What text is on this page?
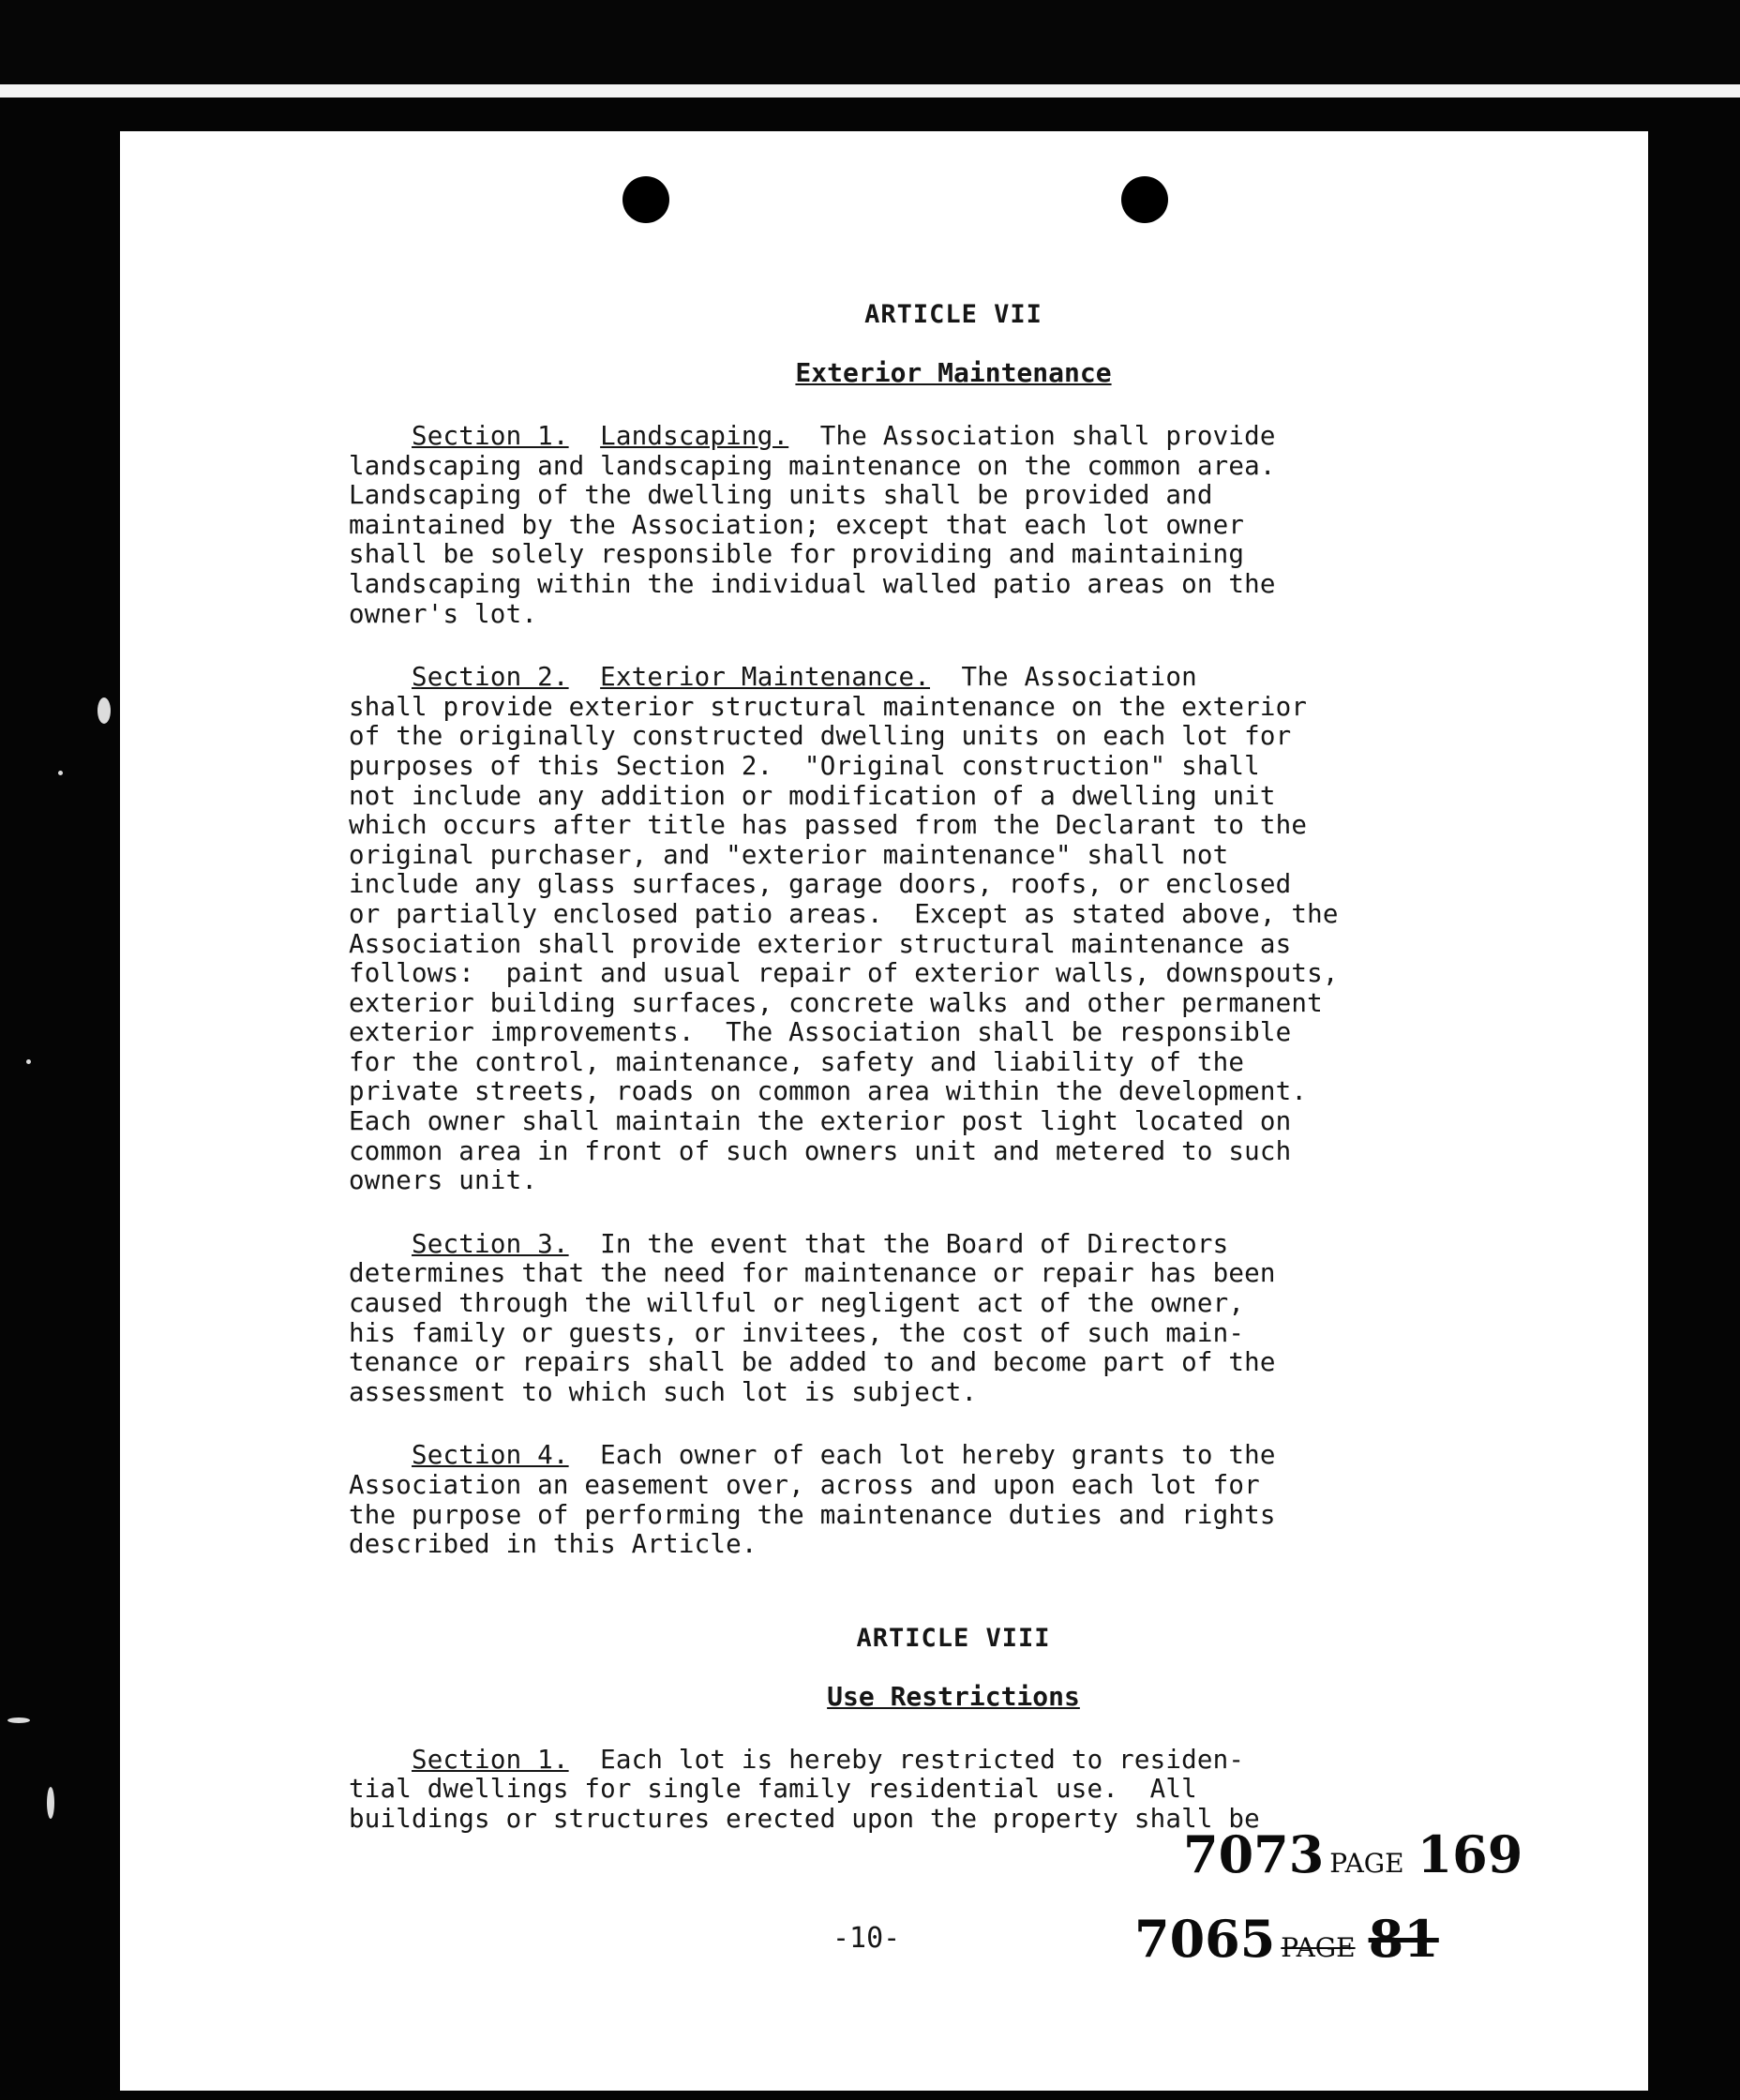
ARTICLE VII
Exterior Maintenance

Section 1. Landscaping.  The Association shall provide
landscaping and landscaping maintenance on the common area.
Landscaping of the dwelling units shall be provided and
maintained by the Association; except that each lot owner
shall be solely responsible for providing and maintaining
landscaping within the individual walled patio areas on the
owner's lot.

Section 2. Exterior Maintenance.  The Association
shall provide exterior structural maintenance on the exterior
of the originally constructed dwelling units on each lot for
purposes of this Section 2.  "Original construction" shall
not include any addition or modification of a dwelling unit
which occurs after title has passed from the Declarant to the
original purchaser, and "exterior maintenance" shall not
include any glass surfaces, garage doors, roofs, or enclosed
or partially enclosed patio areas.  Except as stated above, the
Association shall provide exterior structural maintenance as
follows:  paint and usual repair of exterior walls, downspouts,
exterior building surfaces, concrete walks and other permanent
exterior improvements.  The Association shall be responsible
for the control, maintenance, safety and liability of the
private streets, roads on common area within the development.
Each owner shall maintain the exterior post light located on
common area in front of such owners unit and metered to such
owners unit.

Section 3.  In the event that the Board of Directors
determines that the need for maintenance or repair has been
caused through the willful or negligent act of the owner,
his family or guests, or invitees, the cost of such main-
tenance or repairs shall be added to and become part of the
assessment to which such lot is subject.

Section 4.  Each owner of each lot hereby grants to the
Association an easement over, across and upon each lot for
the purpose of performing the maintenance duties and rights
described in this Article.

ARTICLE VIII
Use Restrictions

Section 1.  Each lot is hereby restricted to residen-
tial dwellings for single family residential use.  All
buildings or structures erected upon the property shall be

7073 PAGE 169
7065 PAGE 81
-10-
